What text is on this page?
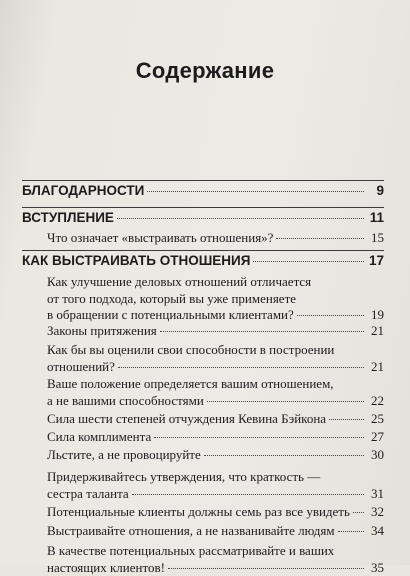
Содержание
БЛАГОДАРНОСТИ	9
ВСТУПЛЕНИЕ	11
Что означает «выстраивать отношения»?	15
КАК ВЫСТРАИВАТЬ ОТНОШЕНИЯ	17
Как улучшение деловых отношений отличается
от того подхода, который вы уже применяете
в обращении с потенциальными клиентами?	19
Законы притяжения	21
Как бы вы оценили свои способности в построении
отношений?	21
Ваше положение определяется вашим отношением,
а не вашими способностями	22
Сила шести степеней отчуждения Кевина Бэйкона	25
Сила комплимента	27
Льстите, а не провоцируйте	30
Придерживайтесь утверждения, что краткость —
сестра таланта	31
Потенциальные клиенты должны семь раз все увидеть 32
Выстраивайте отношения, а не названивайте людям	34
В качестве потенциальных рассматривайте и ваших
настоящих клиентов!	35
